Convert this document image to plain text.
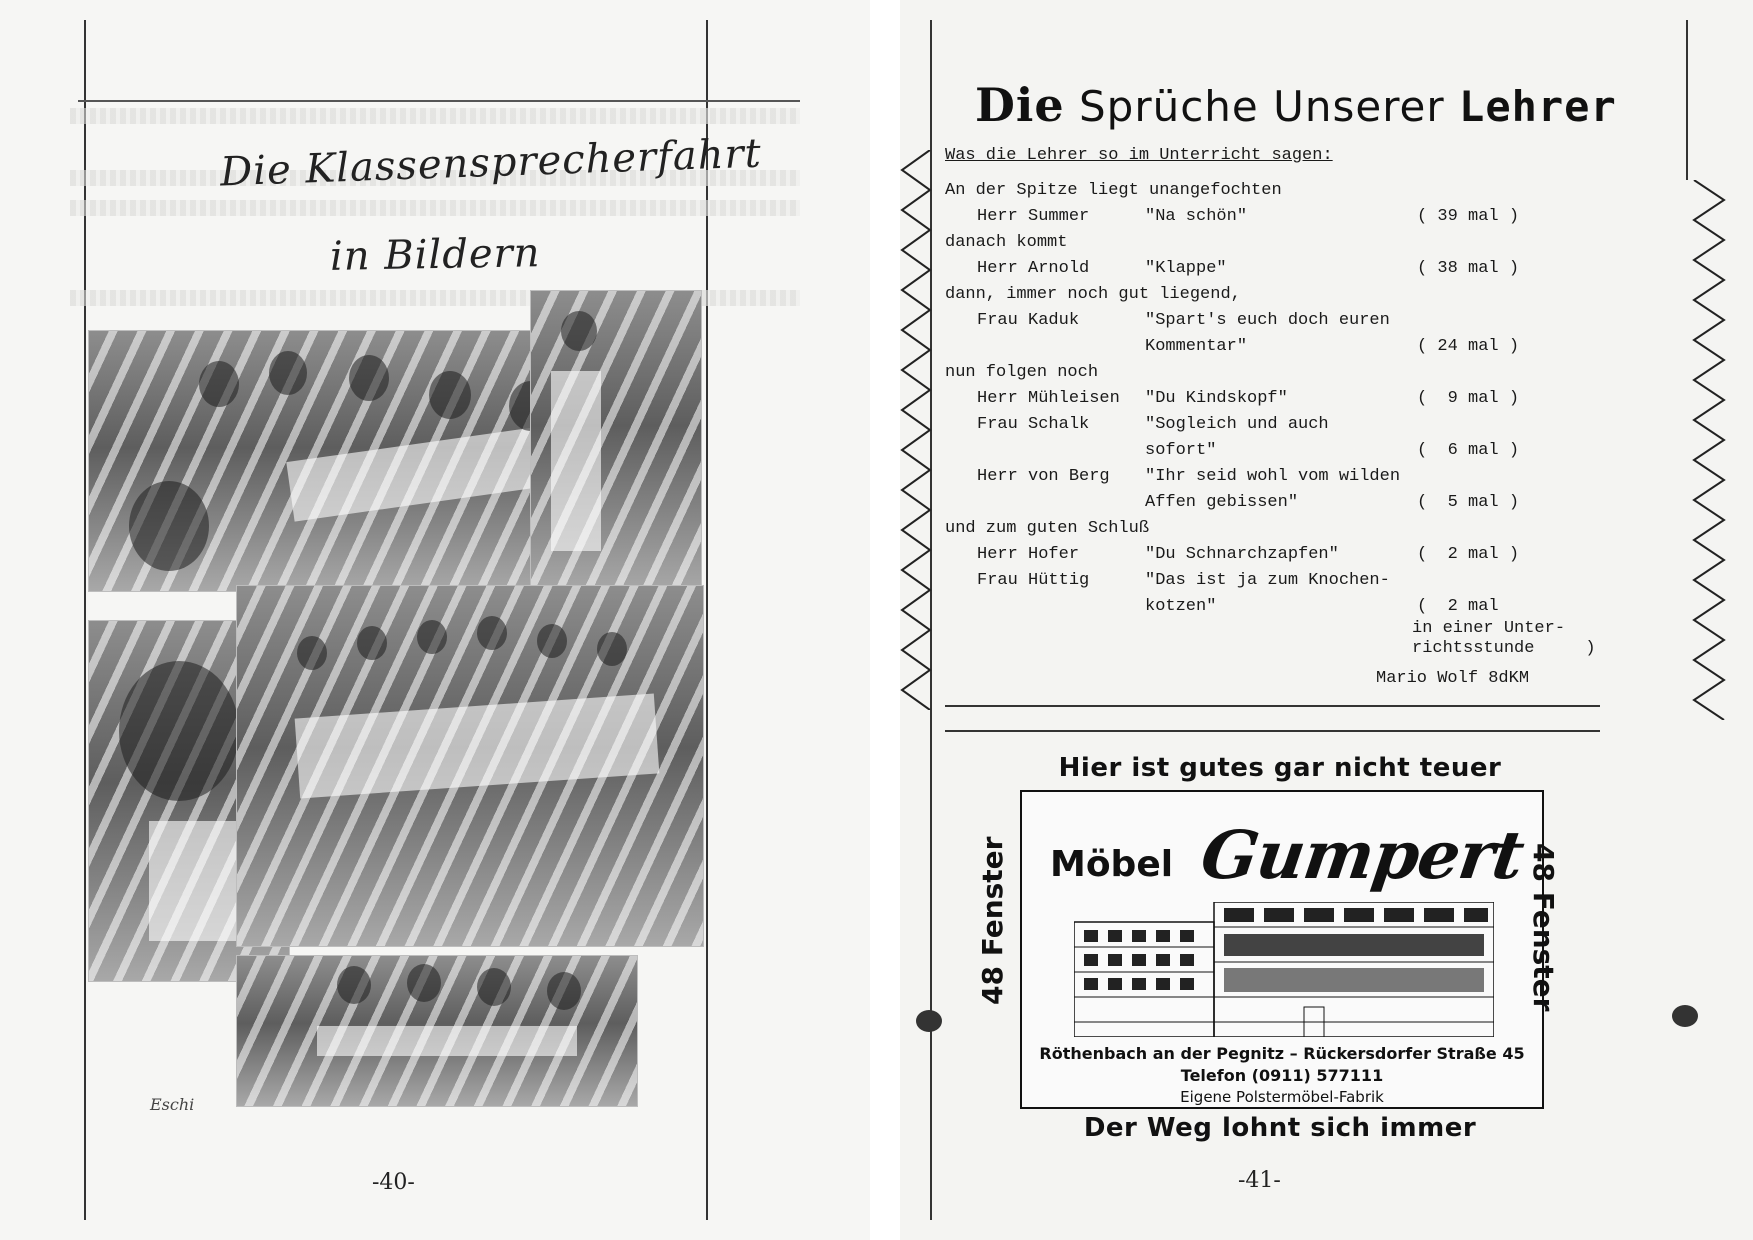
Die Klassensprecherfahrt
in Bildern
Eschi
-40-
Die Sprüche Unserer Lehrer
Was die Lehrer so im Unterricht sagen:
An der Spitze liegt unangefochten
Herr Summer	"Na schön"	( 39 mal )
danach kommt
Herr Arnold	"Klappe"	( 38 mal )
dann, immer noch gut liegend,
Frau Kaduk	"Spart's euch doch euren
Kommentar"	( 24 mal )
nun folgen noch
Herr Mühleisen "Du Kindskopf"	(  9 mal )
Frau Schalk	"Sogleich und auch
sofort"	(  6 mal )
Herr von Berg "Ihr seid wohl vom wilden
Affen gebissen"	(  5 mal )
und zum guten Schluß
Herr Hofer	"Du Schnarchzapfen"	(  2 mal )
Frau Hüttig	"Das ist ja zum Knochen-
kotzen"	(  2 mal
in einer Unter-
richtsstunde     )
Mario Wolf 8dKM
Hier ist gutes gar nicht teuer
Möbel Gumpert
Röthenbach an der Pegnitz – Rückersdorfer Straße 45
Telefon (0911) 577111
Eigene Polstermöbel-Fabrik
48 Fenster	48 Fenster
Der Weg lohnt sich immer
-41-
